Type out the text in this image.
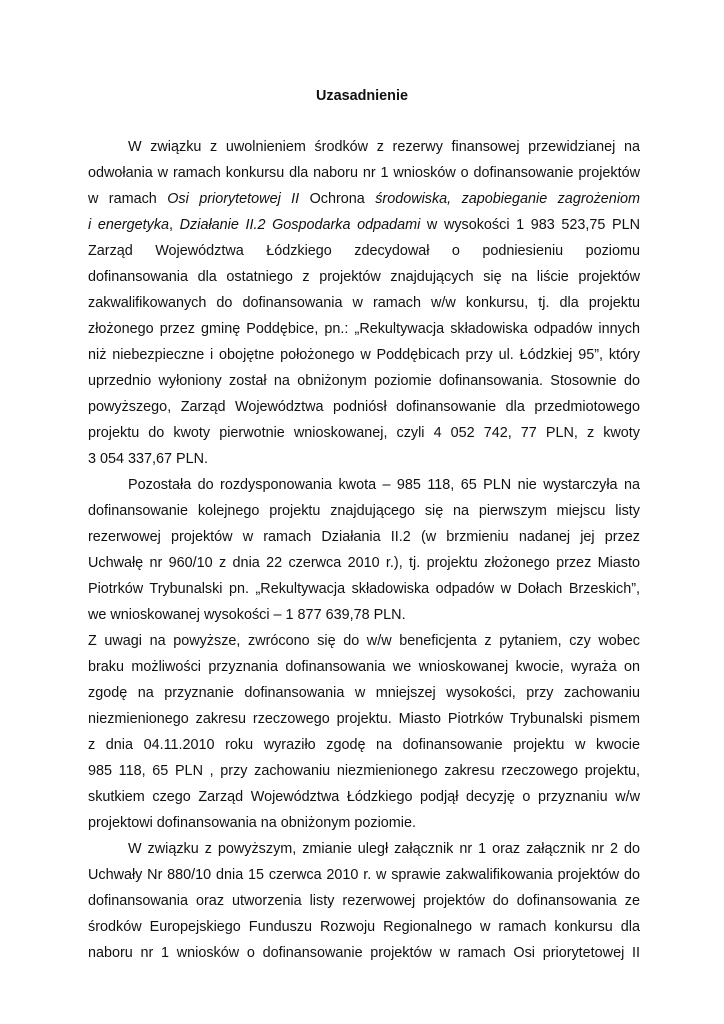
Uzasadnienie
W związku z uwolnieniem środków z rezerwy finansowej przewidzianej na
odwołania w ramach konkursu dla naboru nr 1 wniosków o dofinansowanie projektów
w ramach Osi priorytetowej II Ochrona środowiska, zapobieganie zagrożeniom
i energetyka, Działanie II.2 Gospodarka odpadami w wysokości 1 983 523,75 PLN
Zarząd Województwa Łódzkiego zdecydował o podniesieniu poziomu
dofinansowania dla ostatniego z projektów znajdujących się na liście projektów
zakwalifikowanych do dofinansowania w ramach w/w konkursu, tj. dla projektu
złożonego przez gminę Poddębice, pn.: „Rekultywacja składowiska odpadów innych
niż niebezpieczne i obojętne położonego w Poddębicach przy ul. Łódzkiej 95”, który
uprzednio wyłoniony został na obniżonym poziomie dofinansowania. Stosownie do
powyższego, Zarząd Województwa podniósł dofinansowanie dla przedmiotowego
projektu do kwoty pierwotnie wnioskowanej, czyli 4 052 742, 77 PLN, z kwoty
3 054 337,67 PLN.
Pozostała do rozdysponowania kwota – 985 118, 65 PLN nie wystarczyła na
dofinansowanie kolejnego projektu znajdującego się na pierwszym miejscu listy
rezerwowej projektów w ramach Działania II.2 (w brzmieniu nadanej jej przez
Uchwałę nr 960/10 z dnia 22 czerwca 2010 r.), tj. projektu złożonego przez Miasto
Piotrków Trybunalski pn. „Rekultywacja składowiska odpadów w Dołach Brzeskich”,
we wnioskowanej wysokości – 1 877 639,78 PLN.
Z uwagi na powyższe, zwrócono się do w/w beneficjenta z pytaniem, czy wobec
braku możliwości przyznania dofinansowania we wnioskowanej kwocie, wyraża on
zgodę na przyznanie dofinansowania w mniejszej wysokości, przy zachowaniu
niezmienionego zakresu rzeczowego projektu. Miasto Piotrków Trybunalski pismem
z dnia 04.11.2010 roku wyraziło zgodę na dofinansowanie projektu w kwocie
985 118, 65 PLN , przy zachowaniu niezmienionego zakresu rzeczowego projektu,
skutkiem czego Zarząd Województwa Łódzkiego podjął decyzję o przyznaniu w/w
projektowi dofinansowania na obniżonym poziomie.
W związku z powyższym, zmianie uległ załącznik nr 1 oraz załącznik nr 2 do
Uchwały Nr 880/10 dnia 15 czerwca 2010 r. w sprawie zakwalifikowania projektów do
dofinansowania oraz utworzenia listy rezerwowej projektów do dofinansowania ze
środków Europejskiego Funduszu Rozwoju Regionalnego w ramach konkursu dla
naboru nr 1 wniosków o dofinansowanie projektów w ramach Osi priorytetowej II
